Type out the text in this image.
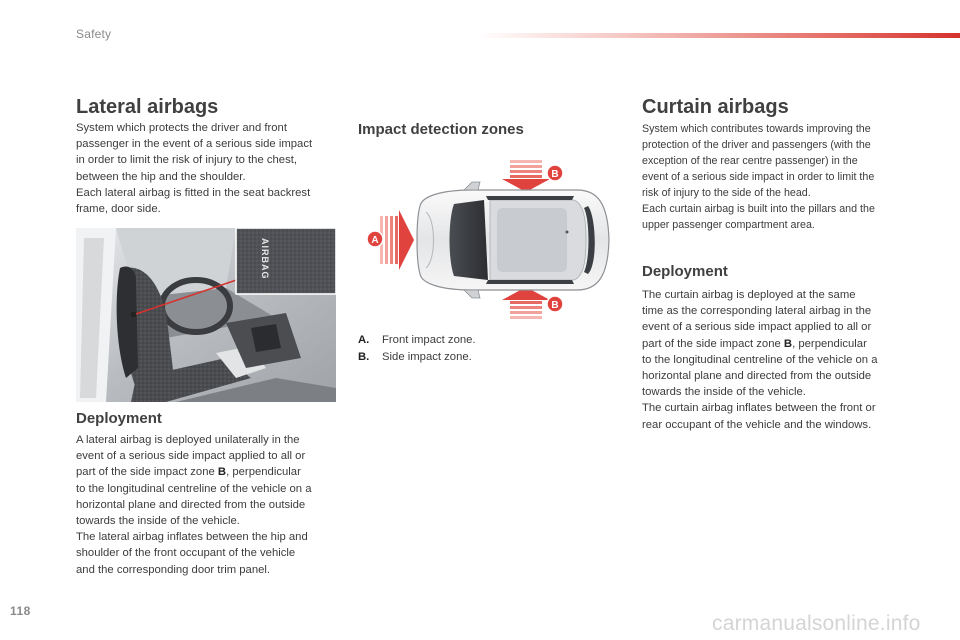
Safety
Lateral airbags

System which protects the driver and front

passenger in the event of a serious side impact

in order to limit the risk of injury to the chest,

between the hip and the shoulder.

Each lateral airbag is fitted in the seat backrest

frame, door side.

AIRBAG
Deployment

A lateral airbag is deployed unilaterally in the

event of a serious side impact applied to all or

part of the side impact zone B, perpendicular

to the longitudinal centreline of the vehicle on a

horizontal plane and directed from the outside

towards the inside of the vehicle.

The lateral airbag inflates between the hip and

shoulder of the front occupant of the vehicle

and the corresponding door trim panel.

Impact detection zones
A
B
B
A.	Front impact zone.
B.	Side impact zone.
Curtain airbags

System which contributes towards improving the

protection of the driver and passengers (with the

exception of the rear centre passenger) in the

event of a serious side impact in order to limit the

risk of injury to the side of the head.

Each curtain airbag is built into the pillars and the

upper passenger compartment area.

Deployment

The curtain airbag is deployed at the same

time as the corresponding lateral airbag in the

event of a serious side impact applied to all or

part of the side impact zone B, perpendicular

to the longitudinal centreline of the vehicle on a

horizontal plane and directed from the outside

towards the inside of the vehicle.

The curtain airbag inflates between the front or

rear occupant of the vehicle and the windows.

118
carmanualsonline.info
